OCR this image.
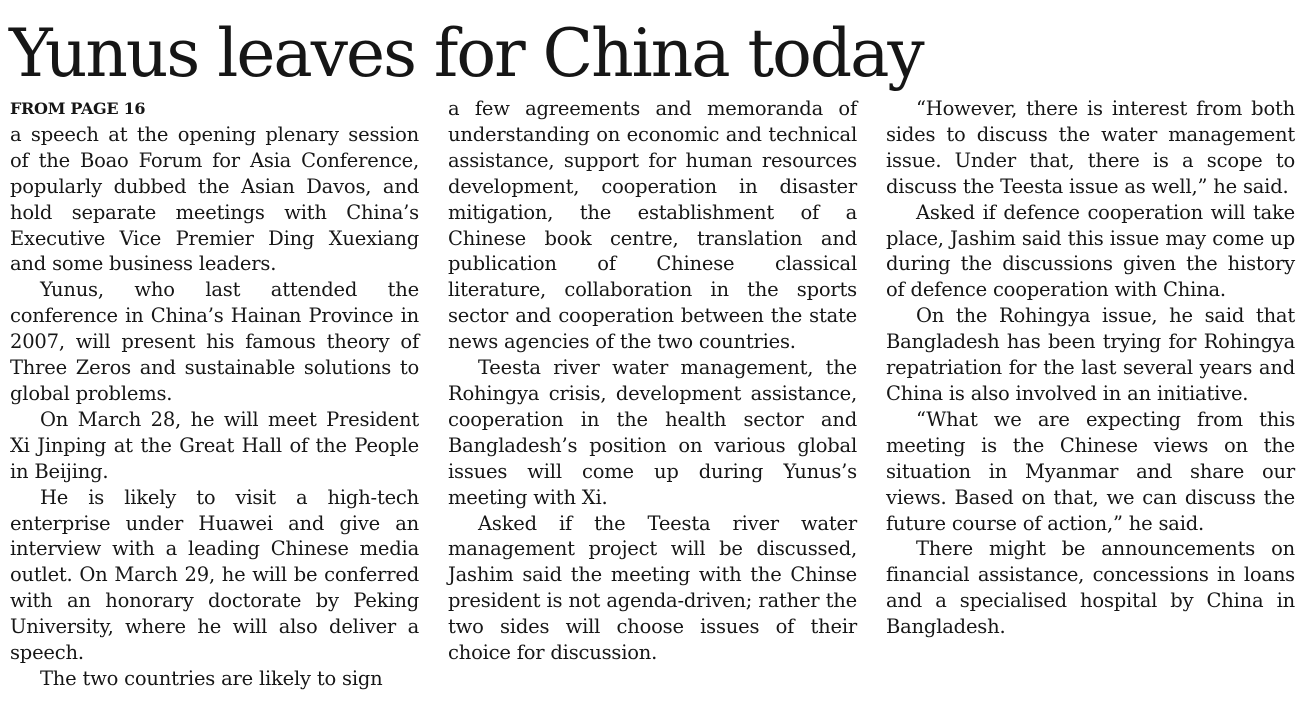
Yunus leaves for China today
FROM PAGE 16

a speech at the opening plenary session of the Boao Forum for Asia Conference, popularly dubbed the Asian Davos, and hold separate meetings with China’s Executive Vice Premier Ding Xuexiang and some business leaders.

Yunus, who last attended the conference in China’s Hainan Province in 2007, will present his famous theory of Three Zeros and sustainable solutions to global problems.

On March 28, he will meet President Xi Jinping at the Great Hall of the People in Beijing.

He is likely to visit a high-tech enterprise under Huawei and give an interview with a leading Chinese media outlet. On March 29, he will be conferred with an honorary doctorate by Peking University, where he will also deliver a speech.

The two countries are likely to sign

a few agreements and memoranda of understanding on economic and technical assistance, support for human resources development, cooperation in disaster mitigation, the establishment of a Chinese book centre, translation and publication of Chinese classical literature, collaboration in the sports sector and cooperation between the state news agencies of the two countries.

Teesta river water management, the Rohingya crisis, development assistance, cooperation in the health sector and Bangladesh’s position on various global issues will come up during Yunus’s meeting with Xi.

Asked if the Teesta river water management project will be discussed, Jashim said the meeting with the Chinse president is not agenda-driven; rather the two sides will choose issues of their choice for discussion.

“However, there is interest from both sides to discuss the water management issue. Under that, there is a scope to discuss the Teesta issue as well,” he said.

Asked if defence cooperation will take place, Jashim said this issue may come up during the discussions given the history of defence cooperation with China.

On the Rohingya issue, he said that Bangladesh has been trying for Rohingya repatriation for the last several years and China is also involved in an initiative.

“What we are expecting from this meeting is the Chinese views on the situation in Myanmar and share our views. Based on that, we can discuss the future course of action,” he said.

There might be announcements on financial assistance, concessions in loans and a specialised hospital by China in Bangladesh.
